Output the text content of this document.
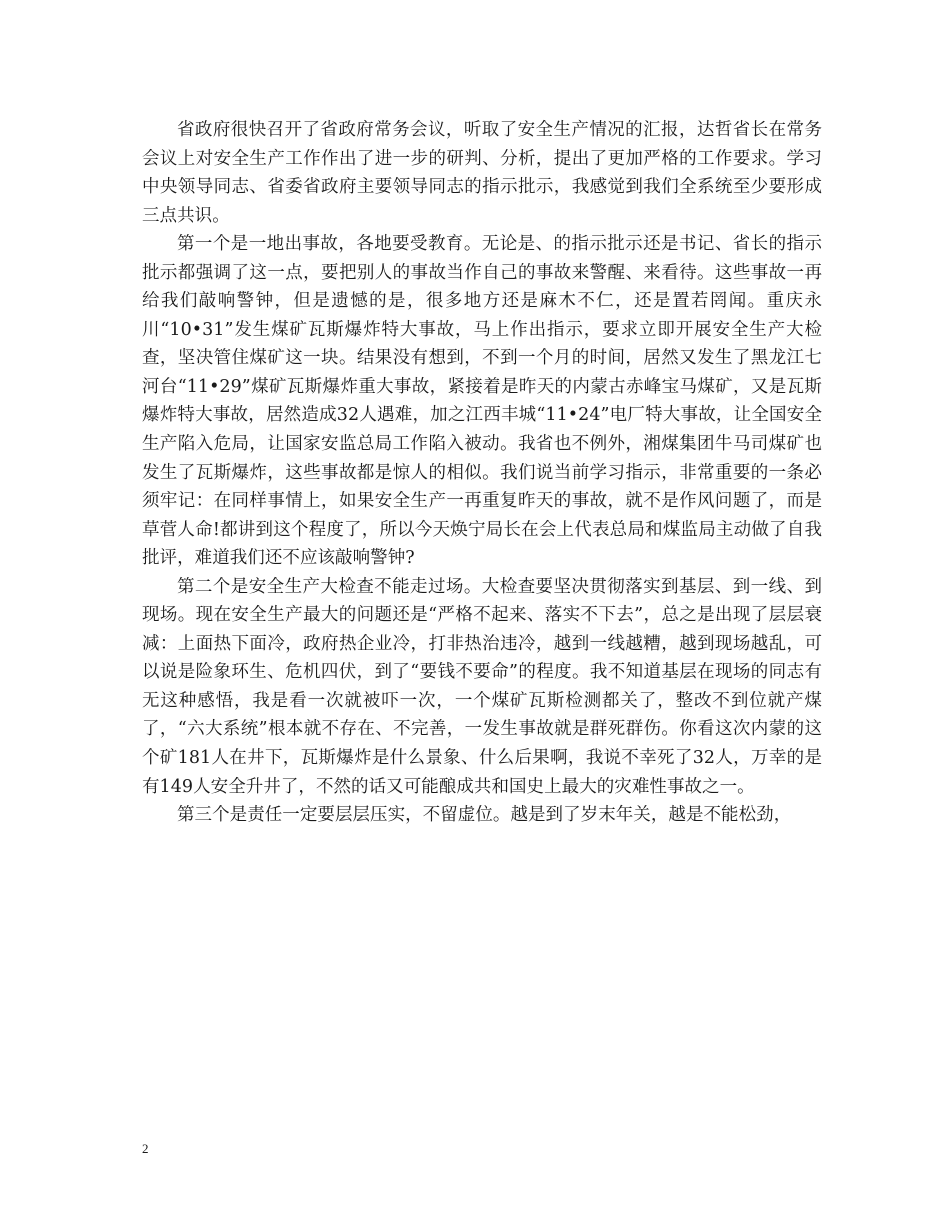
省政府很快召开了省政府常务会议，听取了安全生产情况的汇报，达哲省长在常务会议上对安全生产工作作出了进一步的研判、分析，提出了更加严格的工作要求。学习中央领导同志、省委省政府主要领导同志的指示批示，我感觉到我们全系统至少要形成三点共识。

第一个是一地出事故，各地要受教育。无论是、的指示批示还是书记、省长的指示批示都强调了这一点，要把别人的事故当作自己的事故来警醒、来看待。这些事故一再给我们敲响警钟，但是遗憾的是，很多地方还是麻木不仁，还是置若罔闻。重庆永川“10•31”发生煤矿瓦斯爆炸特大事故，马上作出指示，要求立即开展安全生产大检查，坚决管住煤矿这一块。结果没有想到，不到一个月的时间，居然又发生了黑龙江七河台“11•29”煤矿瓦斯爆炸重大事故，紧接着是昨天的内蒙古赤峰宝马煤矿，又是瓦斯爆炸特大事故，居然造成32人遇难，加之江西丰城“11•24”电厂特大事故，让全国安全生产陷入危局，让国家安监总局工作陷入被动。我省也不例外，湘煤集团牛马司煤矿也发生了瓦斯爆炸，这些事故都是惊人的相似。我们说当前学习指示，非常重要的一条必须牢记：在同样事情上，如果安全生产一再重复昨天的事故，就不是作风问题了，而是草菅人命!都讲到这个程度了，所以今天焕宁局长在会上代表总局和煤监局主动做了自我批评，难道我们还不应该敲响警钟?

第二个是安全生产大检查不能走过场。大检查要坚决贯彻落实到基层、到一线、到现场。现在安全生产最大的问题还是“严格不起来、落实不下去”，总之是出现了层层衰减：上面热下面冷，政府热企业冷，打非热治违冷，越到一线越糟，越到现场越乱，可以说是险象环生、危机四伏，到了“要钱不要命”的程度。我不知道基层在现场的同志有无这种感悟，我是看一次就被吓一次，一个煤矿瓦斯检测都关了，整改不到位就产煤了，“六大系统”根本就不存在、不完善，一发生事故就是群死群伤。你看这次内蒙的这个矿181人在井下，瓦斯爆炸是什么景象、什么后果啊，我说不幸死了32人，万幸的是有149人安全升井了，不然的话又可能酿成共和国史上最大的灾难性事故之一。

第三个是责任一定要层层压实，不留虚位。越是到了岁末年关，越是不能松劲，

2
